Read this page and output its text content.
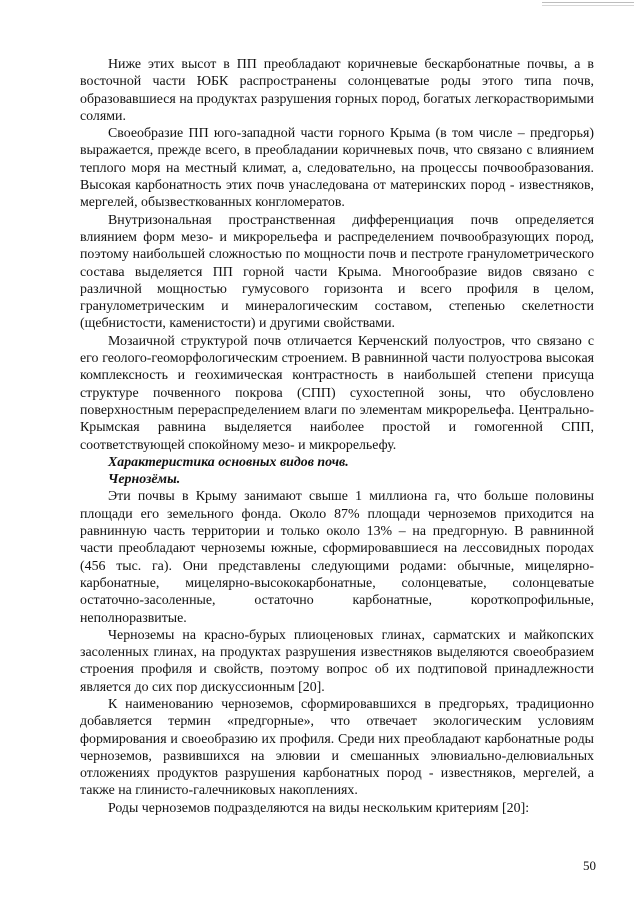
Ниже этих высот в ПП преобладают коричневые бескарбонатные почвы, а в восточной части ЮБК распространены солонцеватые роды этого типа почв, образовавшиеся на продуктах разрушения горных пород, богатых легкорастворимыми солями.

Своеобразие ПП юго-западной части горного Крыма (в том числе – предгорья) выражается, прежде всего, в преобладании коричневых почв, что связано с влиянием теплого моря на местный климат, а, следовательно, на процессы почвообразования. Высокая карбонатность этих почв унаследована от материнских пород - известняков, мергелей, обызвесткованных конгломератов.

Внутризональная пространственная дифференциация почв определяется влиянием форм мезо- и микрорельефа и распределением почвообразующих пород, поэтому наибольшей сложностью по мощности почв и пестроте гранулометрического состава выделяется ПП горной части Крыма. Многообразие видов связано с различной мощностью гумусового горизонта и всего профиля в целом, гранулометрическим и минералогическим составом, степенью скелетности (щебнистости, каменистости) и другими свойствами.

Мозаичной структурой почв отличается Керченский полуостров, что связано с его геолого-геоморфологическим строением. В равнинной части полуострова высокая комплексность и геохимическая контрастность в наибольшей степени присуща структуре почвенного покрова (СПП) сухостепной зоны, что обусловлено поверхностным перераспределением влаги по элементам микрорельефа. Центрально-Крымская равнина выделяется наиболее простой и гомогенной СПП, соответствующей спокойному мезо- и микрорельефу.

Характеристика основных видов почв.

Чернозёмы.

Эти почвы в Крыму занимают свыше 1 миллиона га, что больше половины площади его земельного фонда. Около 87% площади черноземов приходится на равнинную часть территории и только около 13% – на предгорную. В равнинной части преобладают черноземы южные, сформировавшиеся на лессовидных породах (456 тыс. га). Они представлены следующими родами: обычные, мицелярно-карбонатные, мицелярно-высококарбонатные, солонцеватые, солонцеватые остаточно-засоленные, остаточно карбонатные, короткопрофильные, неполноразвитые.

Черноземы на красно-бурых плиоценовых глинах, сарматских и майкопских засоленных глинах, на продуктах разрушения известняков выделяются своеобразием строения профиля и свойств, поэтому вопрос об их подтиповой принадлежности является до сих пор дискуссионным [20].

К наименованию черноземов, сформировавшихся в предгорьях, традиционно добавляется термин «предгорные», что отвечает экологическим условиям формирования и своеобразию их профиля. Среди них преобладают карбонатные роды черноземов, развившихся на элювии и смешанных элювиально-делювиальных отложениях продуктов разрушения карбонатных пород - известняков, мергелей, а также на глинисто-галечниковых накоплениях.

Роды черноземов подразделяются на виды нескольким критериям [20]:

50
